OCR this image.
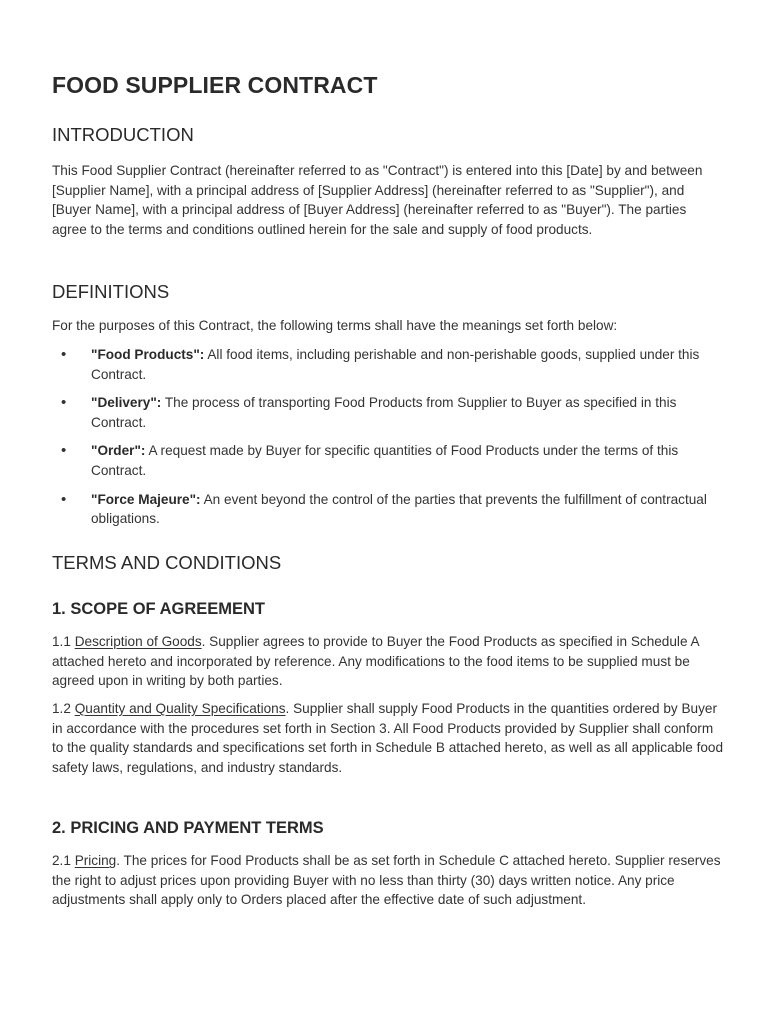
FOOD SUPPLIER CONTRACT
INTRODUCTION

This Food Supplier Contract (hereinafter referred to as "Contract") is entered into this [Date] by and between [Supplier Name], with a principal address of [Supplier Address] (hereinafter referred to as "Supplier"), and [Buyer Name], with a principal address of [Buyer Address] (hereinafter referred to as "Buyer"). The parties agree to the terms and conditions outlined herein for the sale and supply of food products.

DEFINITIONS

For the purposes of this Contract, the following terms shall have the meanings set forth below:

• "Food Products": All food items, including perishable and non-perishable goods, supplied under this Contract.
• "Delivery": The process of transporting Food Products from Supplier to Buyer as specified in this Contract.
• "Order": A request made by Buyer for specific quantities of Food Products under the terms of this Contract.
• "Force Majeure": An event beyond the control of the parties that prevents the fulfillment of contractual obligations.
TERMS AND CONDITIONS
1. SCOPE OF AGREEMENT

1.1 Description of Goods. Supplier agrees to provide to Buyer the Food Products as specified in Schedule A attached hereto and incorporated by reference. Any modifications to the food items to be supplied must be agreed upon in writing by both parties.

1.2 Quantity and Quality Specifications. Supplier shall supply Food Products in the quantities ordered by Buyer in accordance with the procedures set forth in Section 3. All Food Products provided by Supplier shall conform to the quality standards and specifications set forth in Schedule B attached hereto, as well as all applicable food safety laws, regulations, and industry standards.

2. PRICING AND PAYMENT TERMS

2.1 Pricing. The prices for Food Products shall be as set forth in Schedule C attached hereto. Supplier reserves the right to adjust prices upon providing Buyer with no less than thirty (30) days written notice. Any price adjustments shall apply only to Orders placed after the effective date of such adjustment.
